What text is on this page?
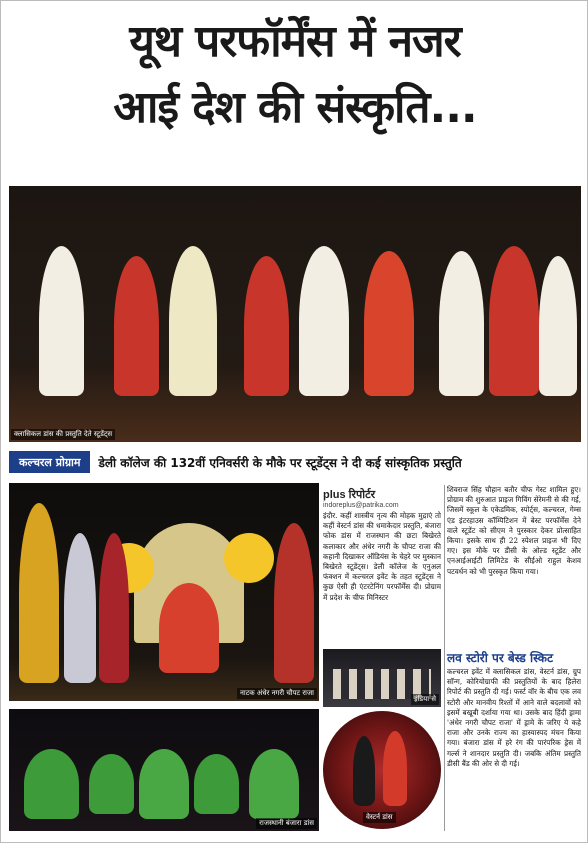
यूथ परफॉर्मेंस में नजर
आई देश की संस्कृति...
क्लासिकल डांस की प्रस्तुति देते स्टूडेंट्स
कल्चरल प्रोग्राम	डेली कॉलेज की 132वीं एनिवर्सरी के मौके पर स्टूडेंट्स ने दी कई सांस्कृतिक प्रस्तुति
नाटक अंधेर नगरी चौपट राजा
राजस्थानी बंजारा डांस
plus रिपोर्टर
indoreplus@patrika.com
इंदौर. कहीं शास्त्रीय नृत्य की मोहक मुद्राएं तो कहीं वेस्टर्न डांस की धमाकेदार प्रस्तुति, बंजारा फोक डांस में राजस्थान की छटा बिखेरते कलाकार और अंधेर नगरी के चौपट राजा की कहानी दिखाकर ऑडियंस के चेहरे पर मुस्कान बिखेरते स्टूडेंट्स। डेली कॉलेज के एनुअल फंक्शन में कल्चरल इवेंट के तहत स्टूडेंट्स ने कुछ ऐसी ही एंटरटेनिंग परफॉर्मेंस दी। प्रोग्राम में प्रदेश के चीफ मिनिस्टर
शिवराज सिंह चौहान बतौर चीफ गेस्ट शामिल हुए। प्रोग्राम की शुरुआत प्राइज गिविंग सेरेमनी से की गई, जिसमें स्कूल के एकेडमिक, स्पोर्ट्स, कल्चरल, गेम्स एंड इंटरहाउस कॉम्पिटिशन में बेस्ट परफॉर्मेंस देने वाले स्टूडेंट को सीएम ने पुरस्कार देकर प्रोत्साहित किया। इसके साथ ही 22 स्पेशल प्राइज भी दिए गए। इस मौके पर डीसी के ओल्ड स्टूडेंट और एनआईआईटी लिमिटेड के सीईओ राहुल केशव पटवर्धन को भी पुरस्कृत किया गया।
इंडिया से
वेस्टर्न डांस
लव स्टोरी पर बेस्ड स्किट
कल्चरल इवेंट में क्लासिकल डांस, वेस्टर्न डांस, ग्रुप सॉन्ग, कोरियोग्राफी की प्रस्तुतियों के बाद हिलेरा रिपोर्ट की प्रस्तुति दी गई। फर्स्ट वॉर के बीच एक लव स्टोरी और मानवीय रिश्तों में आने वाले बदलावों को इसमें बखूबी दर्शाया गया था। उसके बाद हिंदी ड्रामा 'अंधेर नगरी चौपट राजा' में ड्रामे के जरिए ये कहे राजा और उनके राज्य का हास्यास्पद मंचन किया गया। बंजारा डांस में हरे रंग की पारंपरिक ड्रेस में गर्ल्स ने शानदार प्रस्तुति दी। जबकि अंतिम प्रस्तुति डीसी बैंड की ओर से दी गई।
